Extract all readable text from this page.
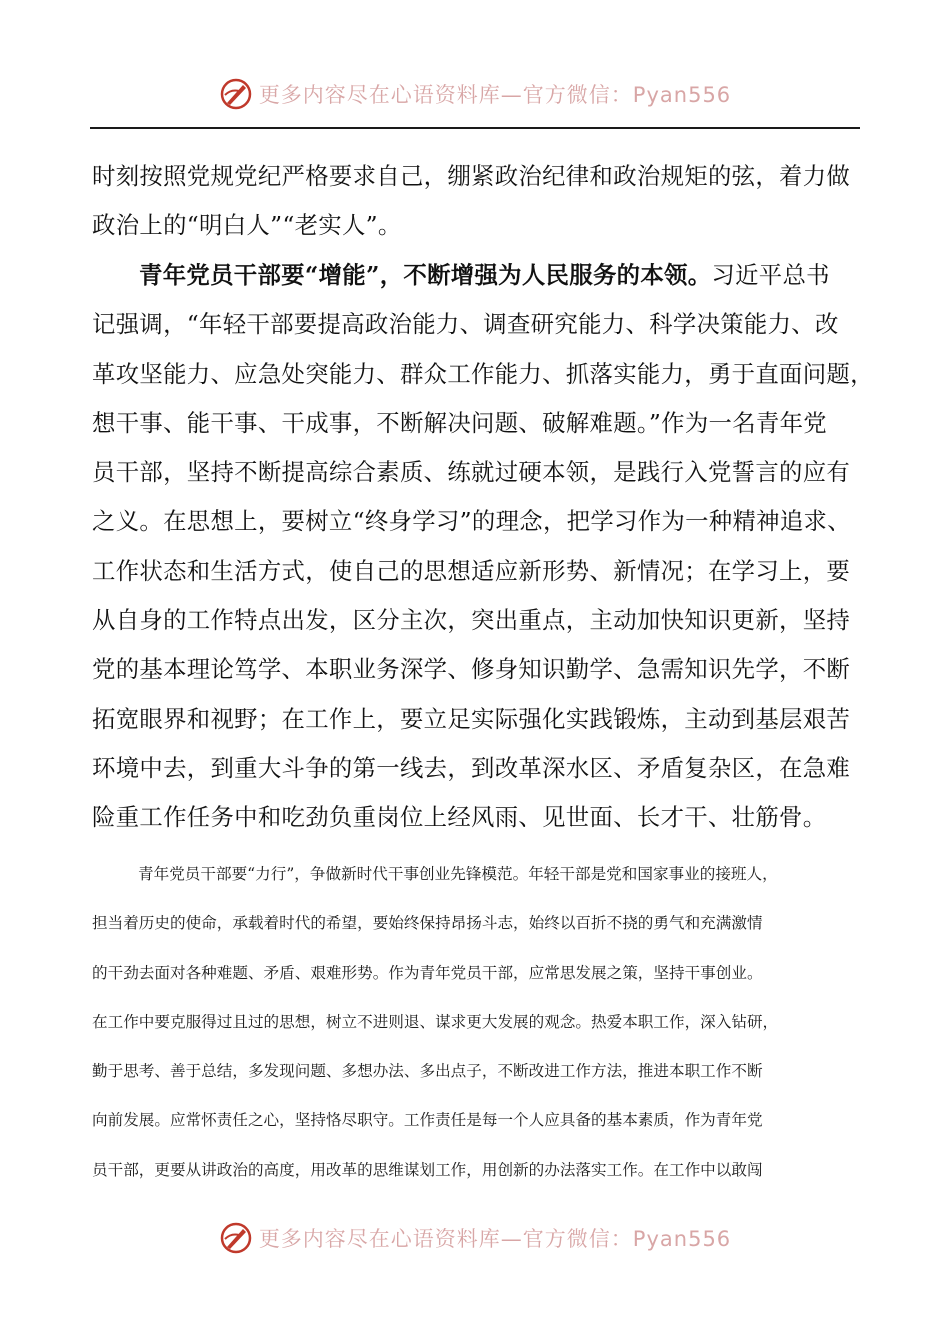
更多内容尽在心语资料库—官方微信：Pyan556
时刻按照党规党纪严格要求自己，绷紧政治纪律和政治规矩的弦，着力做
政治上的“明白人”“老实人”。
青年党员干部要“增能”，不断增强为人民服务的本领。习近平总书
记强调，“年轻干部要提高政治能力、调查研究能力、科学决策能力、改
革攻坚能力、应急处突能力、群众工作能力、抓落实能力，勇于直面问题，
想干事、能干事、干成事，不断解决问题、破解难题。”作为一名青年党
员干部，坚持不断提高综合素质、练就过硬本领，是践行入党誓言的应有
之义。在思想上，要树立“终身学习”的理念，把学习作为一种精神追求、
工作状态和生活方式，使自己的思想适应新形势、新情况；在学习上，要
从自身的工作特点出发，区分主次，突出重点，主动加快知识更新，坚持
党的基本理论笃学、本职业务深学、修身知识勤学、急需知识先学，不断
拓宽眼界和视野；在工作上，要立足实际强化实践锻炼，主动到基层艰苦
环境中去，到重大斗争的第一线去，到改革深水区、矛盾复杂区，在急难
险重工作任务中和吃劲负重岗位上经风雨、见世面、长才干、壮筋骨。
青年党员干部要“力行”，争做新时代干事创业先锋模范。年轻干部是党和国家事业的接班人，
担当着历史的使命，承载着时代的希望，要始终保持昂扬斗志，始终以百折不挠的勇气和充满激情
的干劲去面对各种难题、矛盾、艰难形势。作为青年党员干部，应常思发展之策，坚持干事创业。
在工作中要克服得过且过的思想，树立不进则退、谋求更大发展的观念。热爱本职工作，深入钻研，
勤于思考、善于总结，多发现问题、多想办法、多出点子，不断改进工作方法，推进本职工作不断
向前发展。应常怀责任之心，坚持恪尽职守。工作责任是每一个人应具备的基本素质，作为青年党
员干部，更要从讲政治的高度，用改革的思维谋划工作，用创新的办法落实工作。在工作中以敢闯
更多内容尽在心语资料库—官方微信：Pyan556
